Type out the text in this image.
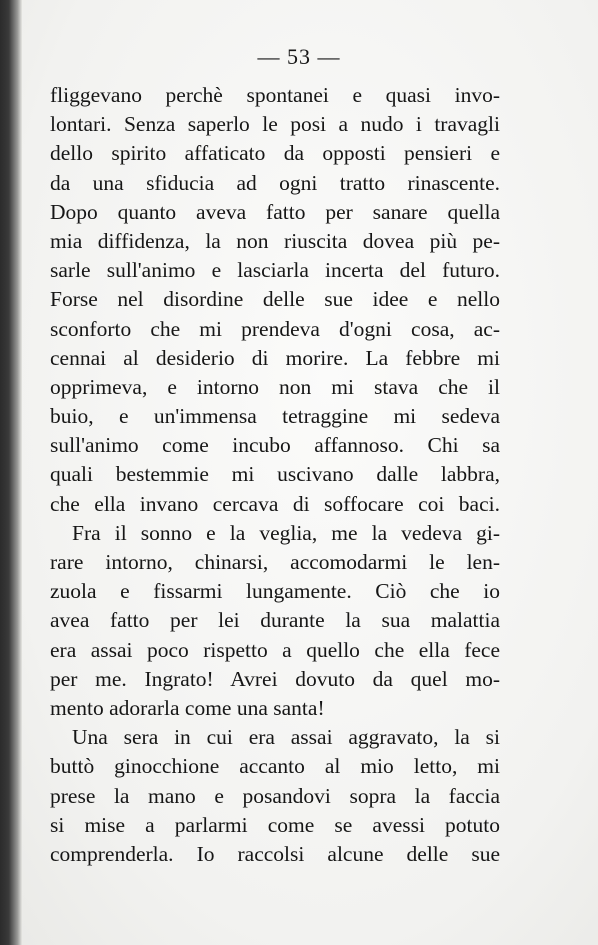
— 53 —
fliggevano perchè spontanei e quasi invo-
lontari. Senza saperlo le posi a nudo i travagli
dello spirito affaticato da opposti pensieri e
da una sfiducia ad ogni tratto rinascente.
Dopo quanto aveva fatto per sanare quella
mia diffidenza, la non riuscita dovea più pe-
sarle sull'animo e lasciarla incerta del futuro.
Forse nel disordine delle sue idee e nello
sconforto che mi prendeva d'ogni cosa, ac-
cennai al desiderio di morire. La febbre mi
opprimeva, e intorno non mi stava che il
buio, e un'immensa tetraggine mi sedeva
sull'animo come incubo affannoso. Chi sa
quali bestemmie mi uscivano dalle labbra,
che ella invano cercava di soffocare coi baci.
Fra il sonno e la veglia, me la vedeva gi-
rare intorno, chinarsi, accomodarmi le len-
zuola e fissarmi lungamente. Ciò che io
avea fatto per lei durante la sua malattia
era assai poco rispetto a quello che ella fece
per me. Ingrato! Avrei dovuto da quel mo-
mento adorarla come una santa!
Una sera in cui era assai aggravato, la si
buttò ginocchione accanto al mio letto, mi
prese la mano e posandovi sopra la faccia
si mise a parlarmi come se avessi potuto
comprenderla. Io raccolsi alcune delle sue
